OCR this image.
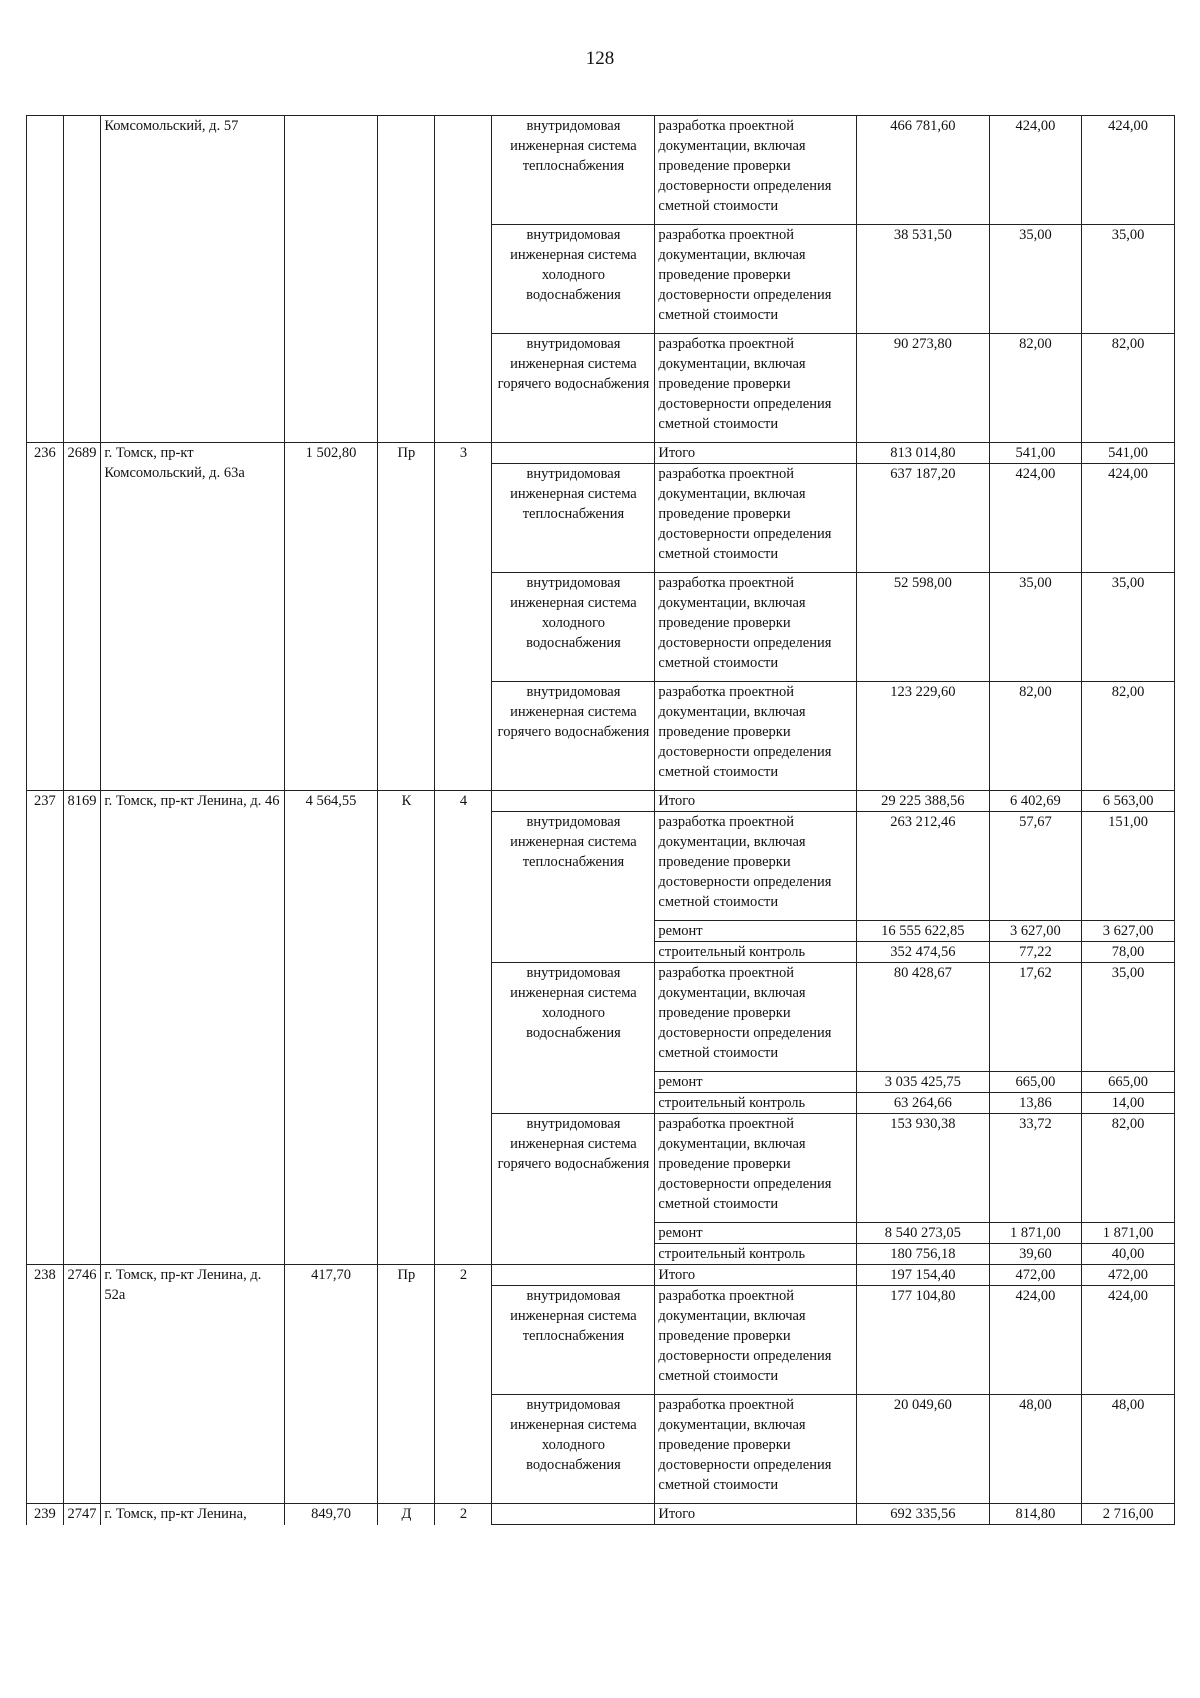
128
		Комсомольский, д. 57				внутридомовая инженерная система теплоснабжения	разработка проектной документации, включая проведение проверки достоверности определения сметной стоимости	466 781,60	424,00	424,00
						внутридомовая инженерная система холодного водоснабжения	разработка проектной документации, включая проведение проверки достоверности определения сметной стоимости	38 531,50	35,00	35,00
						внутридомовая инженерная система горячего водоснабжения	разработка проектной документации, включая проведение проверки достоверности определения сметной стоимости	90 273,80	82,00	82,00
236	2689	г. Томск, пр-кт Комсомольский, д. 63а	1 502,80	Пр	3		Итого	813 014,80	541,00	541,00
						внутридомовая инженерная система теплоснабжения	разработка проектной документации, включая проведение проверки достоверности определения сметной стоимости	637 187,20	424,00	424,00
						внутридомовая инженерная система холодного водоснабжения	разработка проектной документации, включая проведение проверки достоверности определения сметной стоимости	52 598,00	35,00	35,00
						внутридомовая инженерная система горячего водоснабжения	разработка проектной документации, включая проведение проверки достоверности определения сметной стоимости	123 229,60	82,00	82,00
237	8169	г. Томск, пр-кт Ленина, д. 46	4 564,55	К	4		Итого	29 225 388,56	6 402,69	6 563,00
						внутридомовая инженерная система теплоснабжения	разработка проектной документации, включая проведение проверки достоверности определения сметной стоимости	263 212,46	57,67	151,00
							ремонт	16 555 622,85	3 627,00	3 627,00
							строительный контроль	352 474,56	77,22	78,00
						внутридомовая инженерная система холодного водоснабжения	разработка проектной документации, включая проведение проверки достоверности определения сметной стоимости	80 428,67	17,62	35,00
							ремонт	3 035 425,75	665,00	665,00
							строительный контроль	63 264,66	13,86	14,00
						внутридомовая инженерная система горячего водоснабжения	разработка проектной документации, включая проведение проверки достоверности определения сметной стоимости	153 930,38	33,72	82,00
							ремонт	8 540 273,05	1 871,00	1 871,00
							строительный контроль	180 756,18	39,60	40,00
238	2746	г. Томск, пр-кт Ленина, д. 52а	417,70	Пр	2		Итого	197 154,40	472,00	472,00
						внутридомовая инженерная система теплоснабжения	разработка проектной документации, включая проведение проверки достоверности определения сметной стоимости	177 104,80	424,00	424,00
						внутридомовая инженерная система холодного водоснабжения	разработка проектной документации, включая проведение проверки достоверности определения сметной стоимости	20 049,60	48,00	48,00
239	2747	г. Томск, пр-кт Ленина,	849,70	Д	2		Итого	692 335,56	814,80	2 716,00
